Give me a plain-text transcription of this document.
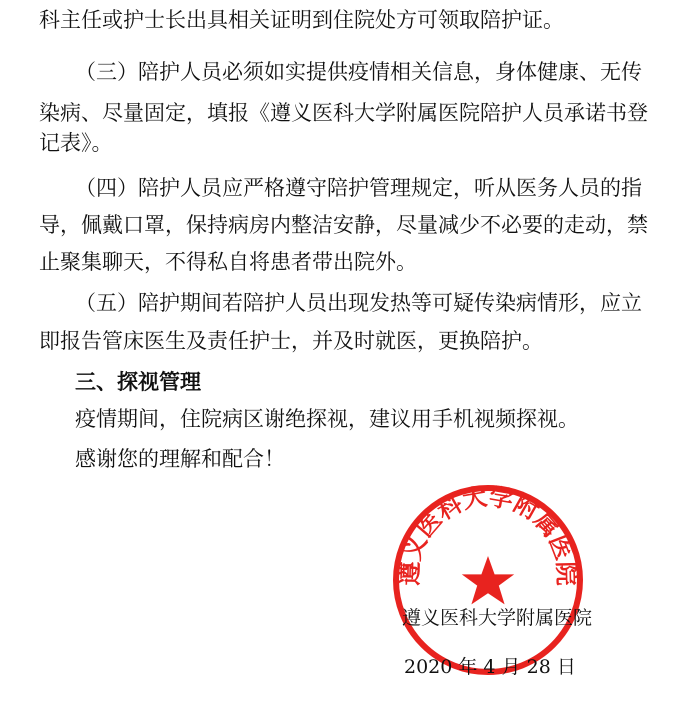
科主任或护士长出具相关证明到住院处方可领取陪护证。
（三）陪护人员必须如实提供疫情相关信息，身体健康、无传
染病、尽量固定，填报《遵义医科大学附属医院陪护人员承诺书登
记表》。
（四）陪护人员应严格遵守陪护管理规定，听从医务人员的指
导，佩戴口罩，保持病房内整洁安静，尽量减少不必要的走动，禁
止聚集聊天，不得私自将患者带出院外。
（五）陪护期间若陪护人员出现发热等可疑传染病情形，应立
即报告管床医生及责任护士，并及时就医，更换陪护。
三、探视管理
疫情期间，住院病区谢绝探视，建议用手机视频探视。
感谢您的理解和配合！
遵义医科大学附属医院
遵义医科大学附属医院
2020 年 4 月 28 日
